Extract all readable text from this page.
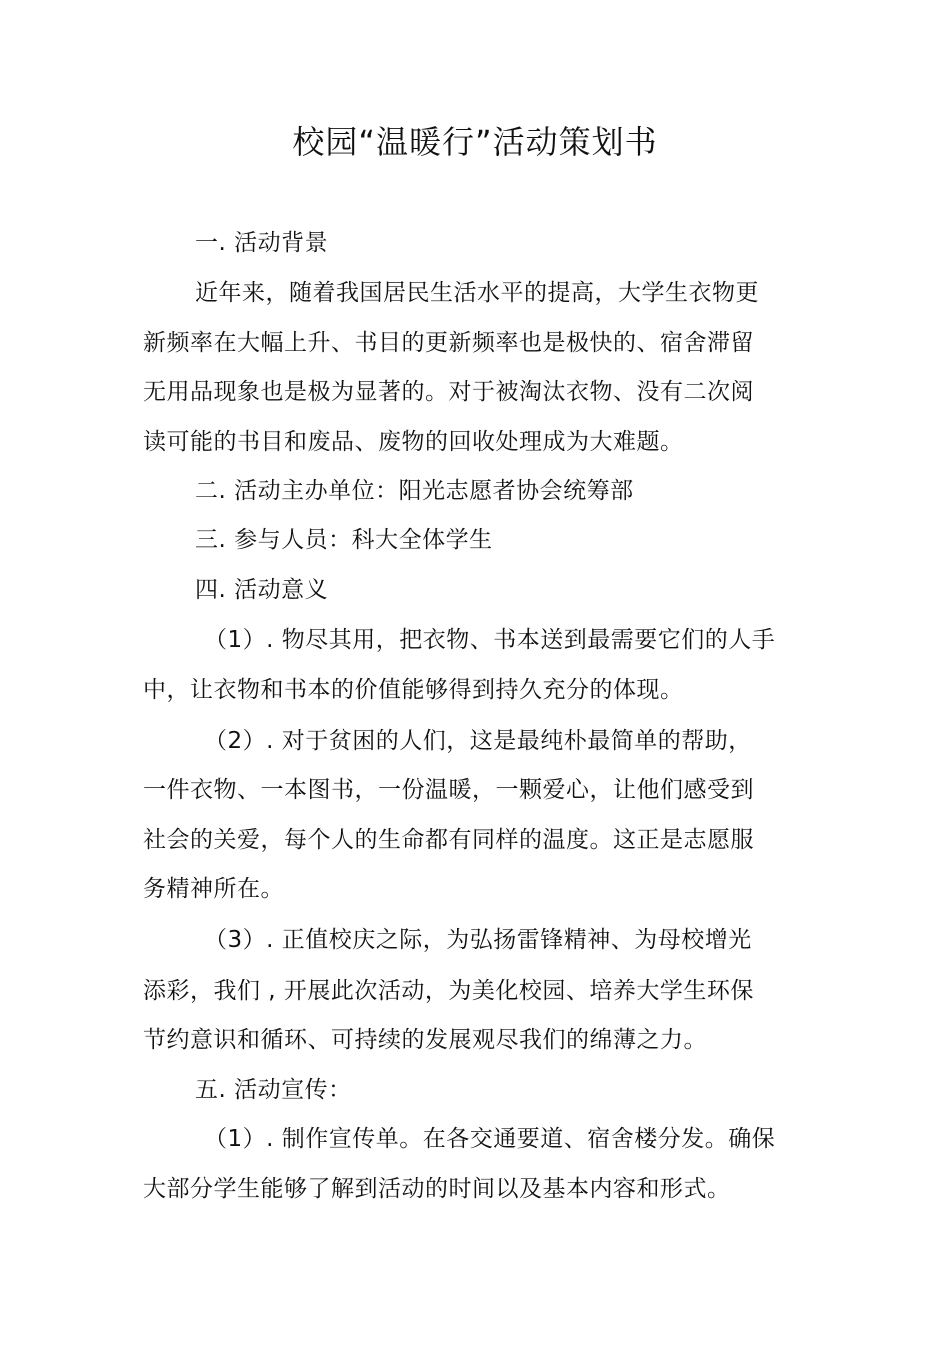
校园“温暖行”活动策划书
一. 活动背景
近年来，随着我国居民生活水平的提高，大学生衣物更
新频率在大幅上升、书目的更新频率也是极快的、宿舍滞留
无用品现象也是极为显著的。对于被淘汰衣物、没有二次阅
读可能的书目和废品、废物的回收处理成为大难题。
二. 活动主办单位：阳光志愿者协会统筹部
三. 参与人员：科大全体学生
四. 活动意义
（1）. 物尽其用，把衣物、书本送到最需要它们的人手
中，让衣物和书本的价值能够得到持久充分的体现。
（2）. 对于贫困的人们，这是最纯朴最简单的帮助，
一件衣物、一本图书，一份温暖，一颗爱心，让他们感受到
社会的关爱，每个人的生命都有同样的温度。这正是志愿服
务精神所在。
（3）. 正值校庆之际，为弘扬雷锋精神、为母校增光
添彩，我们 , 开展此次活动，为美化校园、培养大学生环保
节约意识和循环、可持续的发展观尽我们的绵薄之力。
五. 活动宣传：
（1）. 制作宣传单。在各交通要道、宿舍楼分发。确保
大部分学生能够了解到活动的时间以及基本内容和形式。
